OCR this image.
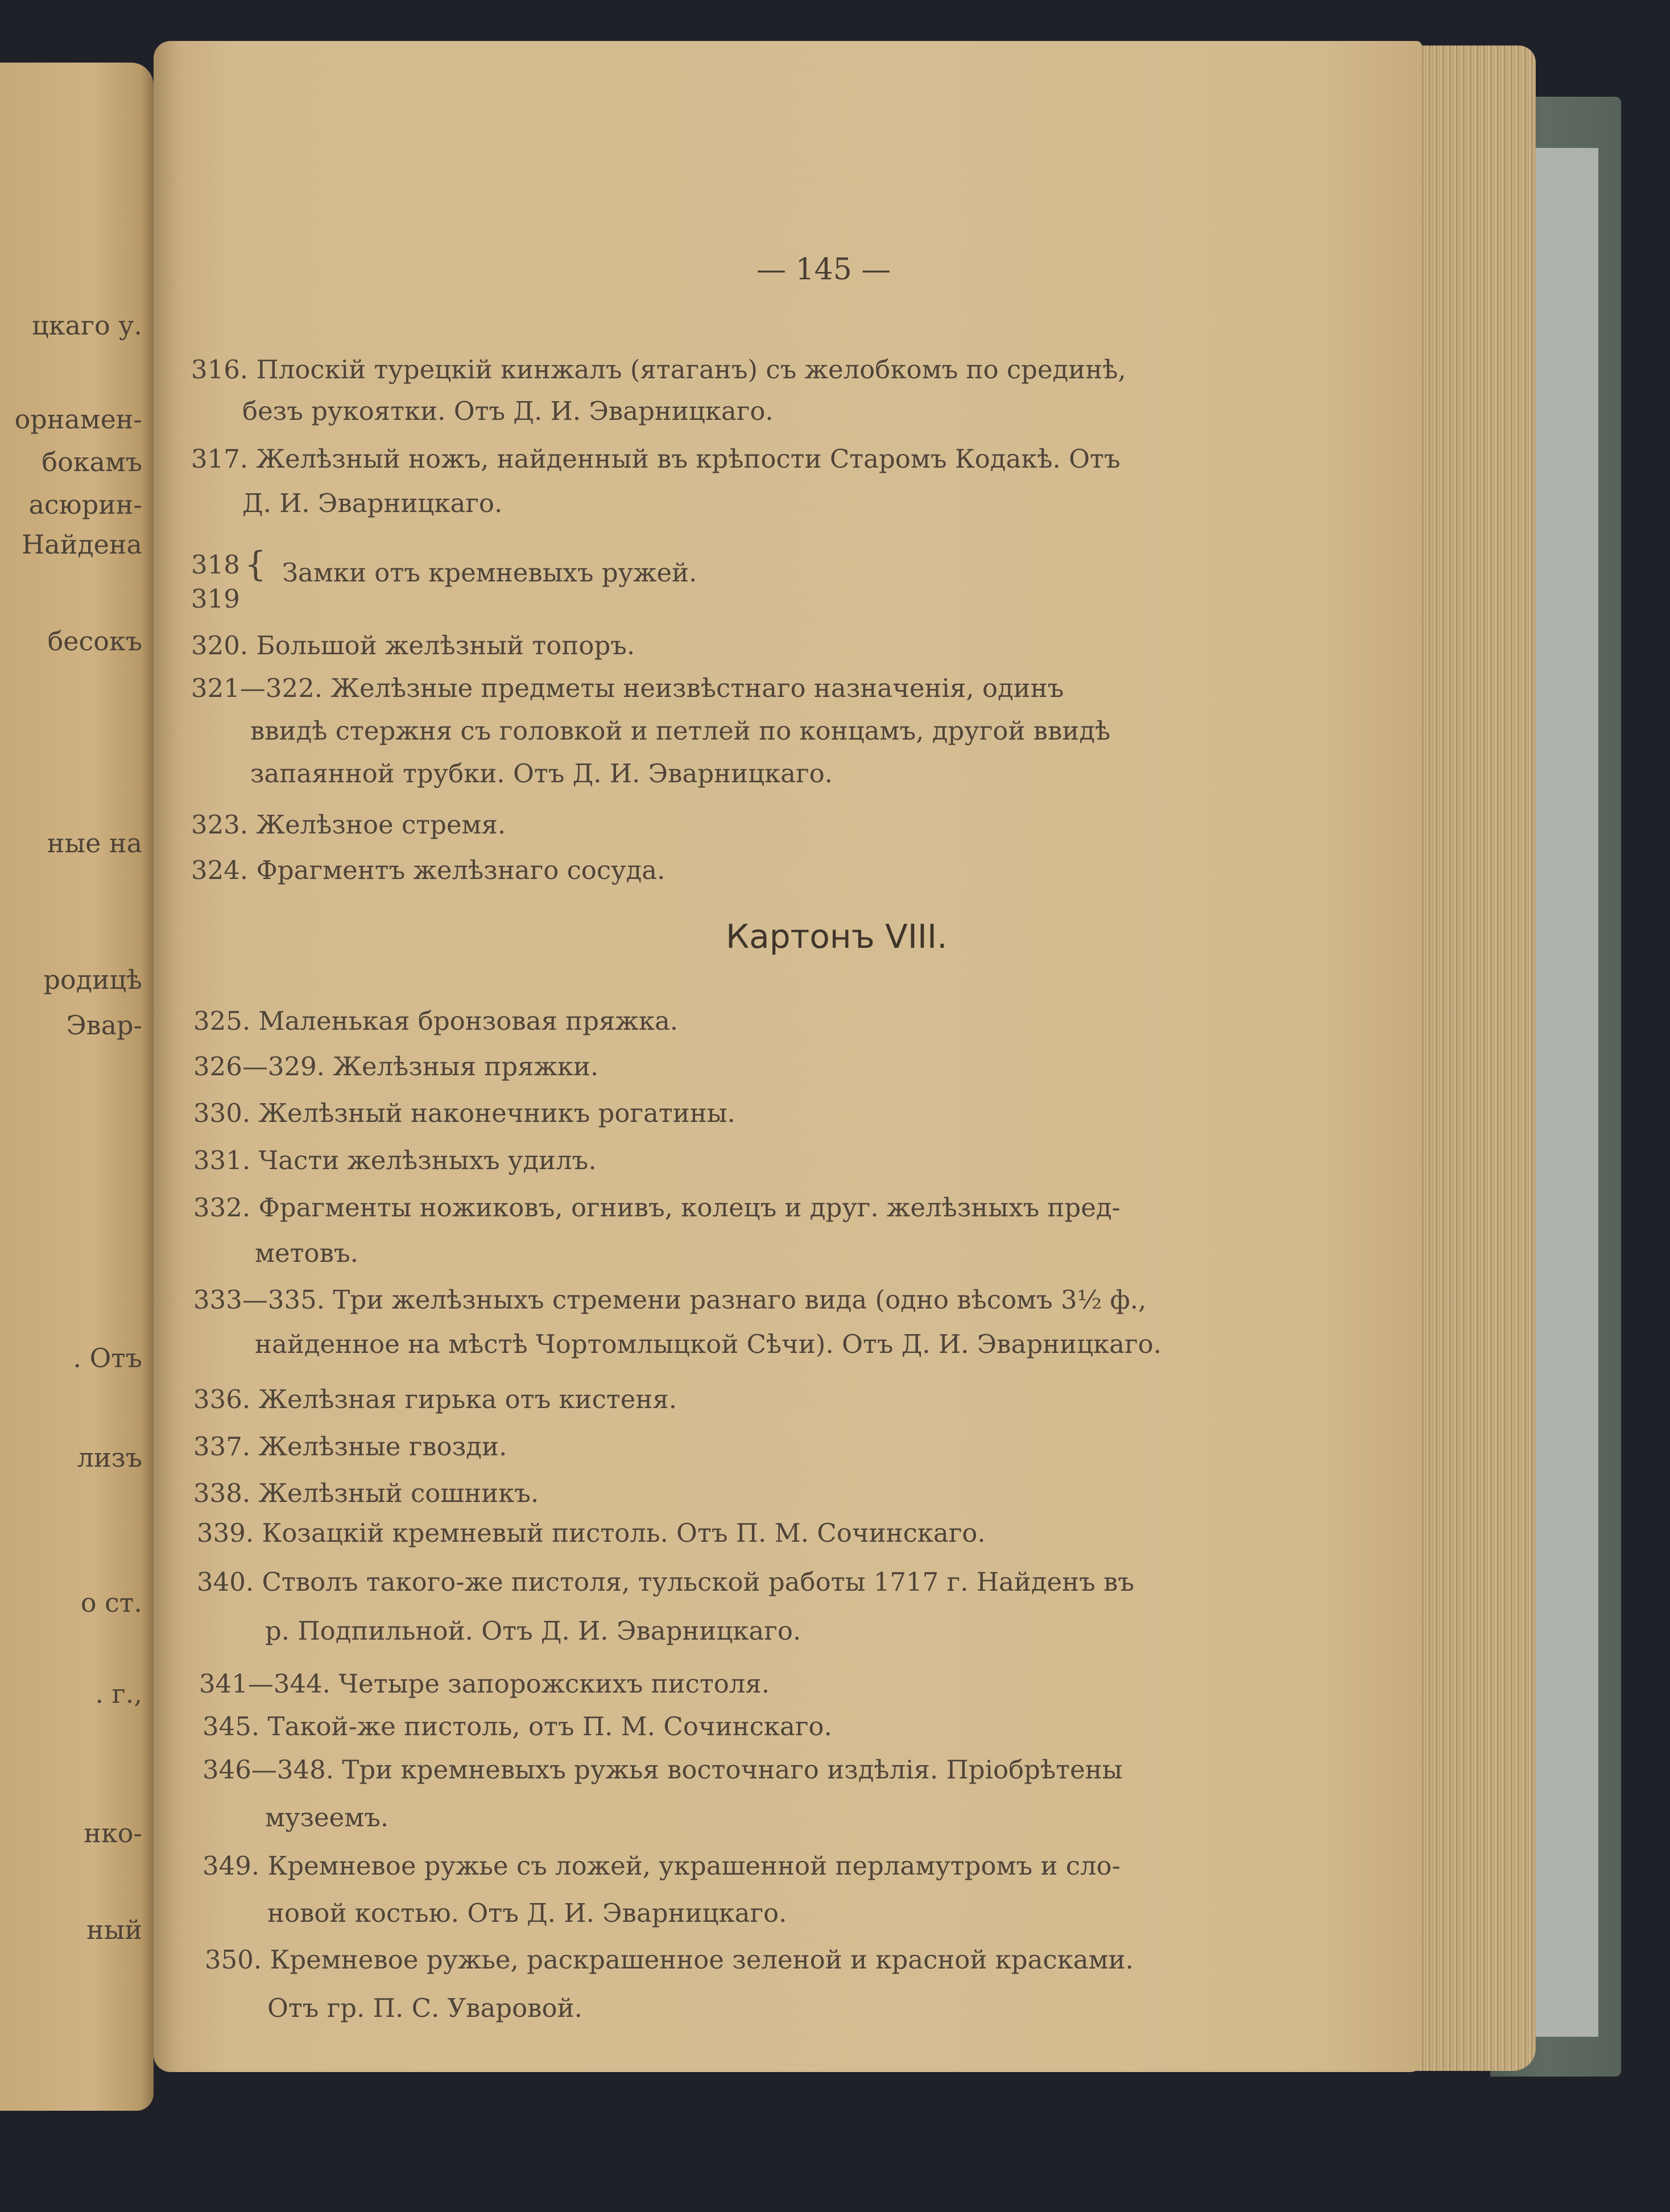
цкаго у.
орнамен-
бокамъ
асюрин-
Найдена
бесокъ
ные на
родицѣ
Эвар-
. Отъ
лизъ
о ст.
. г.,
нко-
ный
— 145 —
316. Плоскій турецкій кинжалъ (ятаганъ) съ желобкомъ по срединѣ,
безъ рукоятки. Отъ Д. И. Эварницкаго.
317. Желѣзный ножъ, найденный въ крѣпости Старомъ Кодакѣ. Отъ
Д. И. Эварницкаго.
318
319
{ Замки отъ кремневыхъ ружей.
320. Большой желѣзный топоръ.
321—322. Желѣзные предметы неизвѣстнаго назначенія, одинъ
ввидѣ стержня съ головкой и петлей по концамъ, другой ввидѣ
запаянной трубки. Отъ Д. И. Эварницкаго.
323. Желѣзное стремя.
324. Фрагментъ желѣзнаго сосуда.
Картонъ VIII.
325. Маленькая бронзовая пряжка.
326—329. Желѣзныя пряжки.
330. Желѣзный наконечникъ рогатины.
331. Части желѣзныхъ удилъ.
332. Фрагменты ножиковъ, огнивъ, колецъ и друг. желѣзныхъ пред-
метовъ.
333—335. Три желѣзныхъ стремени разнаго вида (одно вѣсомъ 3½ ф.,
найденное на мѣстѣ Чортомлыцкой Сѣчи). Отъ Д. И. Эварницкаго.
336. Желѣзная гирька отъ кистеня.
337. Желѣзные гвозди.
338. Желѣзный сошникъ.
339. Козацкій кремневый пистоль. Отъ П. М. Сочинскаго.
340. Стволъ такого-же пистоля, тульской работы 1717 г. Найденъ въ
р. Подпильной. Отъ Д. И. Эварницкаго.
341—344. Четыре запорожскихъ пистоля.
345. Такой-же пистоль, отъ П. М. Сочинскаго.
346—348. Три кремневыхъ ружья восточнаго издѣлія. Пріобрѣтены
музеемъ.
349. Кремневое ружье съ ложей, украшенной перламутромъ и сло-
новой костью. Отъ Д. И. Эварницкаго.
350. Кремневое ружье, раскрашенное зеленой и красной красками.
Отъ гр. П. С. Уваровой.
